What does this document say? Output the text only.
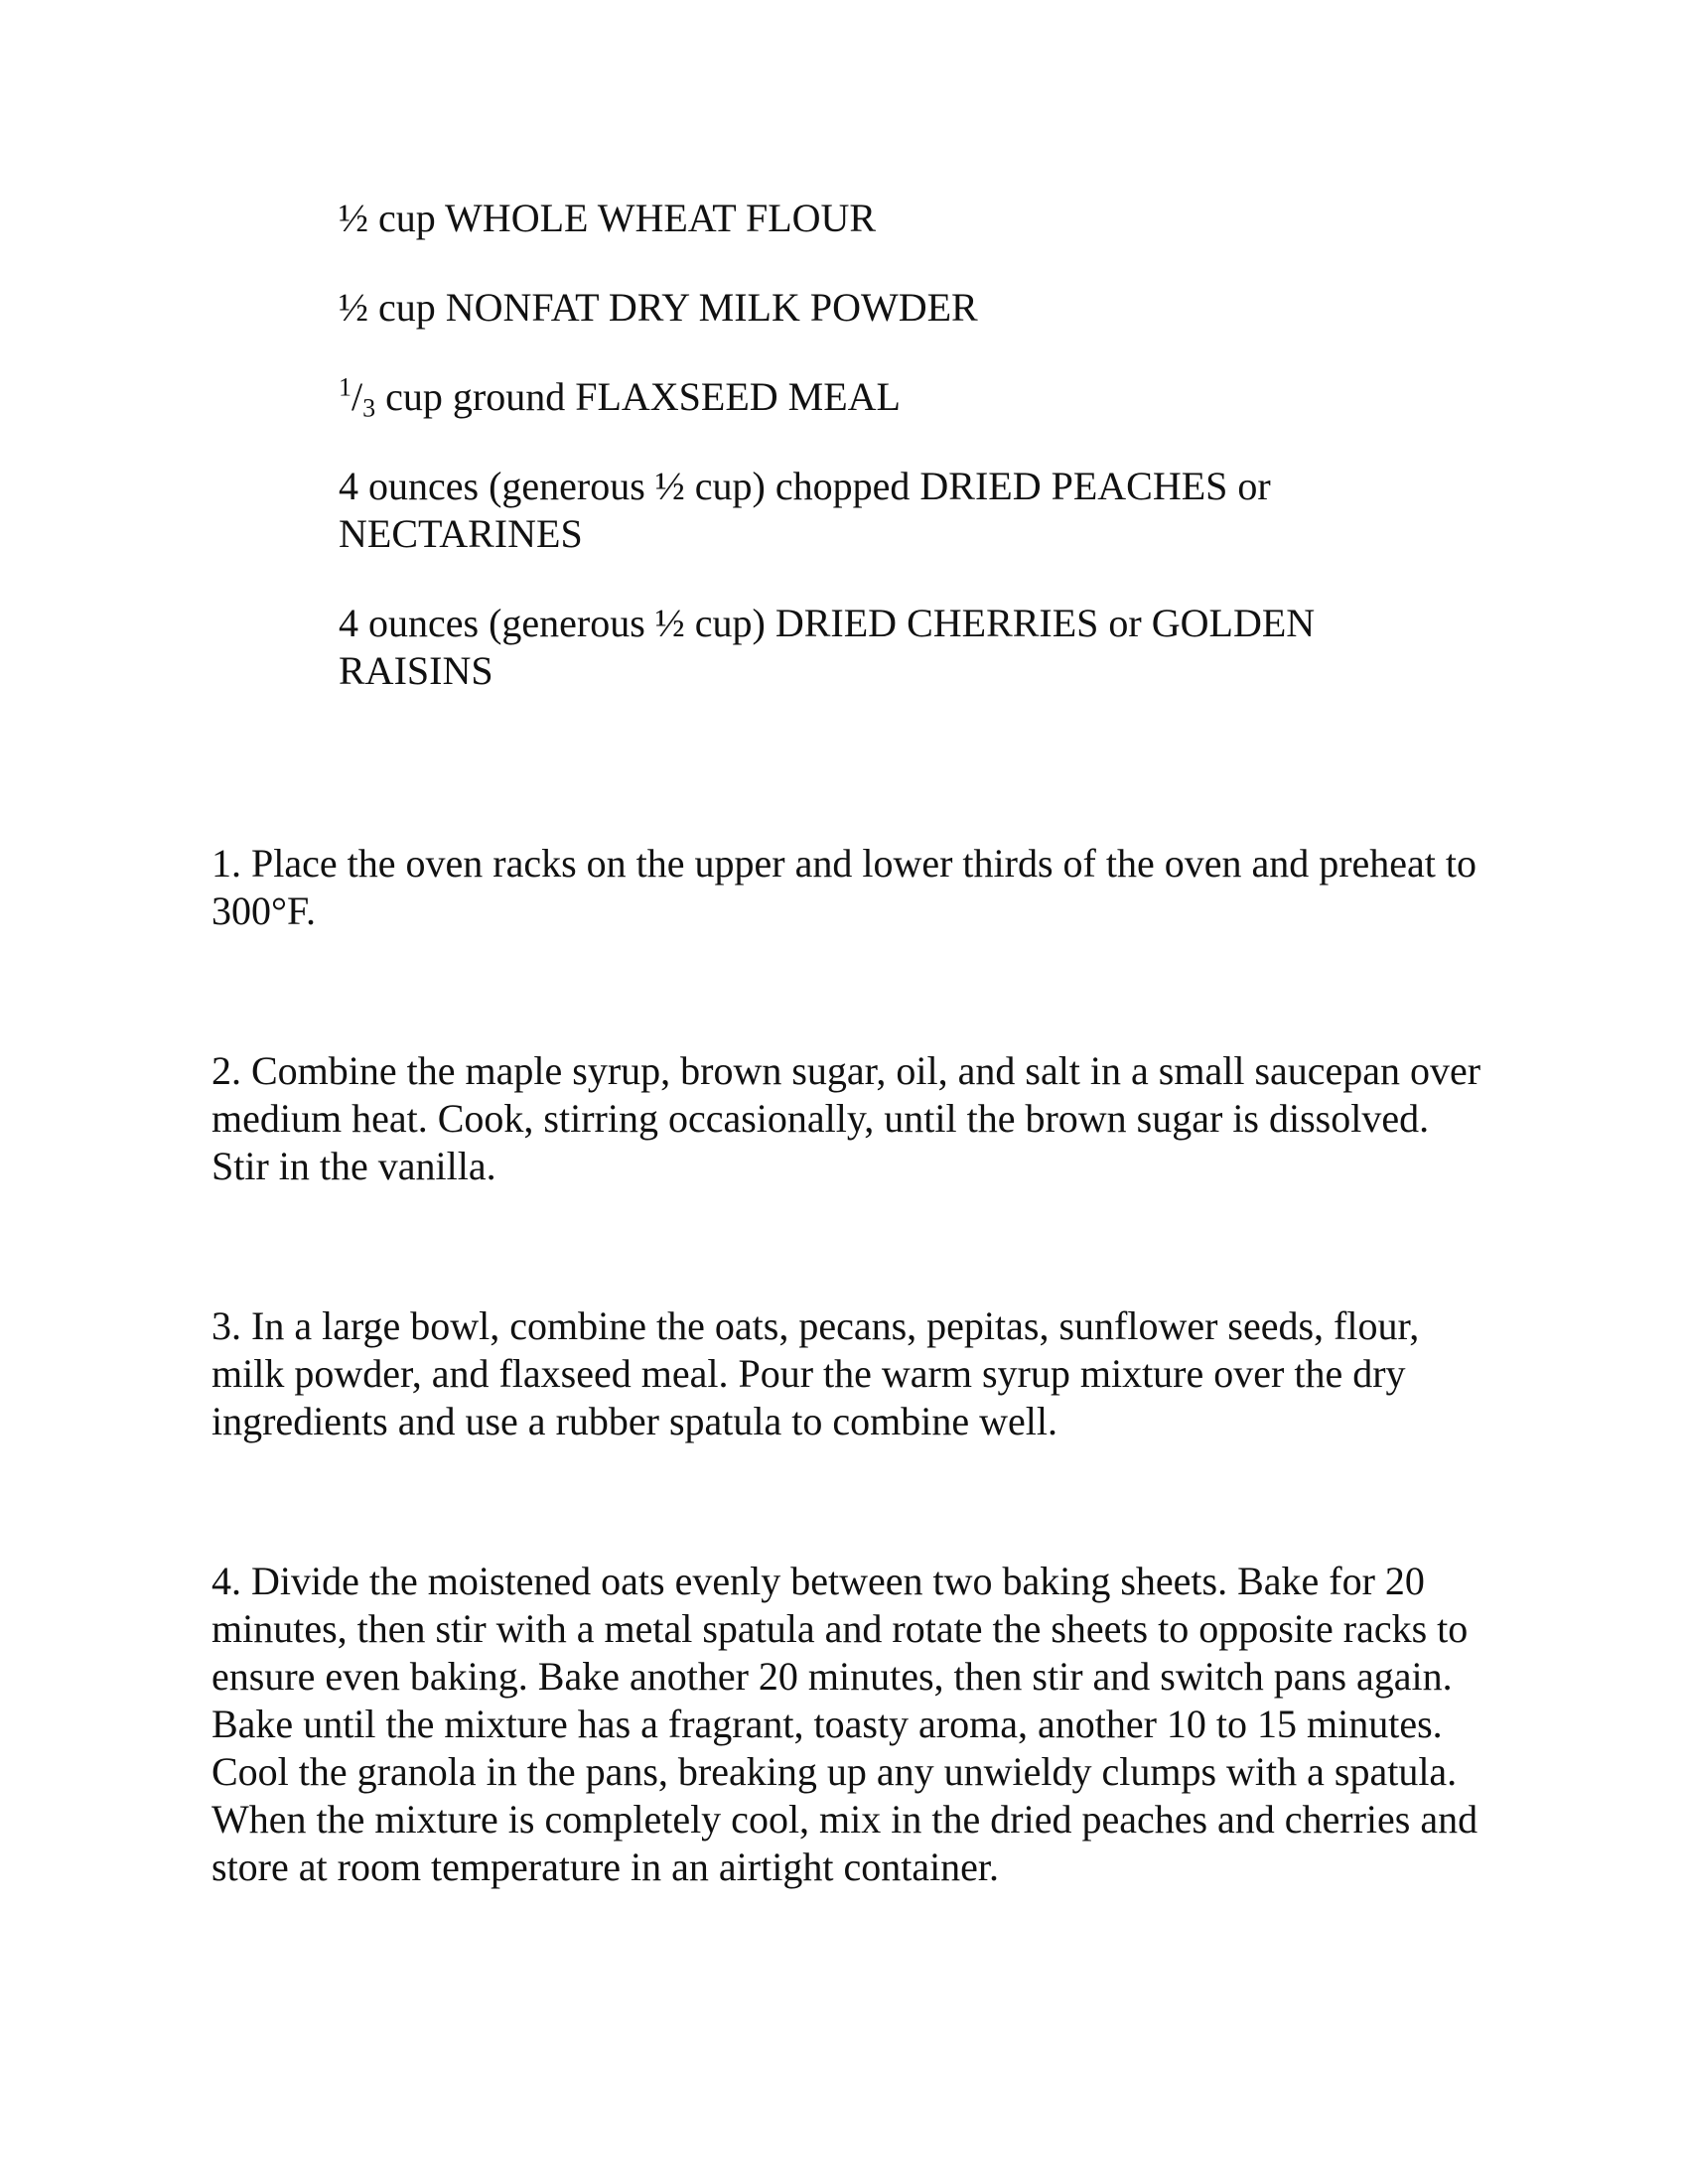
½ cup WHOLE WHEAT FLOUR

½ cup NONFAT DRY MILK POWDER

$^1/_3$ cup ground FLAXSEED MEAL

4 ounces (generous ½ cup) chopped DRIED PEACHES or NECTARINES

4 ounces (generous ½ cup) DRIED CHERRIES or GOLDEN RAISINS

1. Place the oven racks on the upper and lower thirds of the oven and preheat to 300°F.

2. Combine the maple syrup, brown sugar, oil, and salt in a small saucepan over medium heat. Cook, stirring occasionally, until the brown sugar is dissolved. Stir in the vanilla.

3. In a large bowl, combine the oats, pecans, pepitas, sunflower seeds, flour, milk powder, and flaxseed meal. Pour the warm syrup mixture over the dry ingredients and use a rubber spatula to combine well.

4. Divide the moistened oats evenly between two baking sheets. Bake for 20 minutes, then stir with a metal spatula and rotate the sheets to opposite racks to ensure even baking. Bake another 20 minutes, then stir and switch pans again. Bake until the mixture has a fragrant, toasty aroma, another 10 to 15 minutes. Cool the granola in the pans, breaking up any unwieldy clumps with a spatula. When the mixture is completely cool, mix in the dried peaches and cherries and store at room temperature in an airtight container.
